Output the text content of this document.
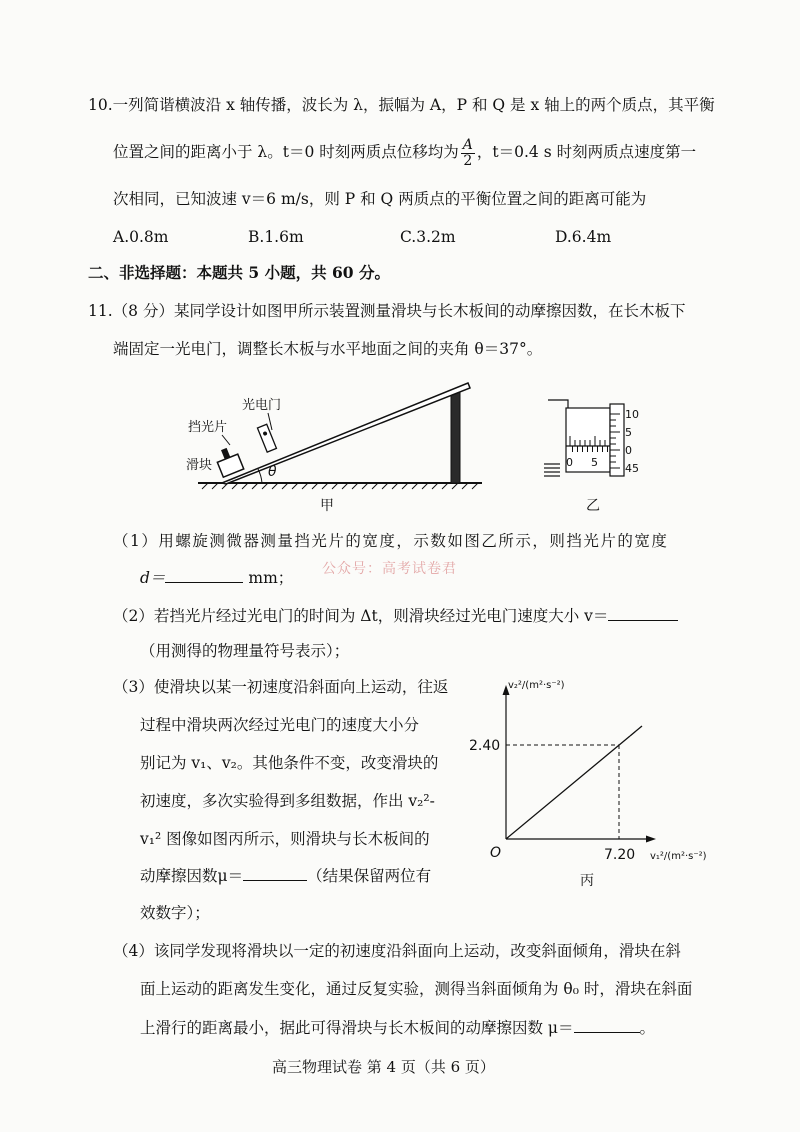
10.一列简谐横波沿 x 轴传播，波长为 λ，振幅为 A，P 和 Q 是 x 轴上的两个质点，其平衡
位置之间的距离小于 λ。t＝0 时刻两质点位移均为 $\frac{A}{2}$ ，t＝0.4 s 时刻两质点速度第一
次相同，已知波速 v＝6 m/s，则 P 和 Q 两质点的平衡位置之间的距离可能为
A.0.8m	B.1.6m	C.3.2m	D.6.4m
二、非选择题：本题共 5 小题，共 60 分。
11.（8 分）某同学设计如图甲所示装置测量滑块与长木板间的动摩擦因数，在长木板下
端固定一光电门，调整长木板与水平地面之间的夹角 θ＝37°。
θ
光电门
挡光片
滑块
甲
0 5
10
5
0
45
乙
（1）用螺旋测微器测量挡光片的宽度，示数如图乙所示，则挡光片的宽度
d＝	mm； 公众号：高考试卷君
（2）若挡光片经过光电门的时间为 Δt，则滑块经过光电门速度大小 v＝
（用测得的物理量符号表示）；
（3）使滑块以某一初速度沿斜面向上运动，往返
过程中滑块两次经过光电门的速度大小分
别记为 v₁、v₂。其他条件不变，改变滑块的
初速度，多次实验得到多组数据，作出 v₂²-
v₁² 图像如图丙所示，则滑块与长木板间的
动摩擦因数μ＝	（结果保留两位有
效数字）；
v₂²/(m²·s⁻²)
v₁²/(m²·s⁻²)
2.40
7.20
O
丙
（4）该同学发现将滑块以一定的初速度沿斜面向上运动，改变斜面倾角，滑块在斜
面上运动的距离发生变化，通过反复实验，测得当斜面倾角为 θ₀ 时，滑块在斜面
上滑行的距离最小，据此可得滑块与长木板间的动摩擦因数 μ＝	。
高三物理试卷 第 4 页（共 6 页）
